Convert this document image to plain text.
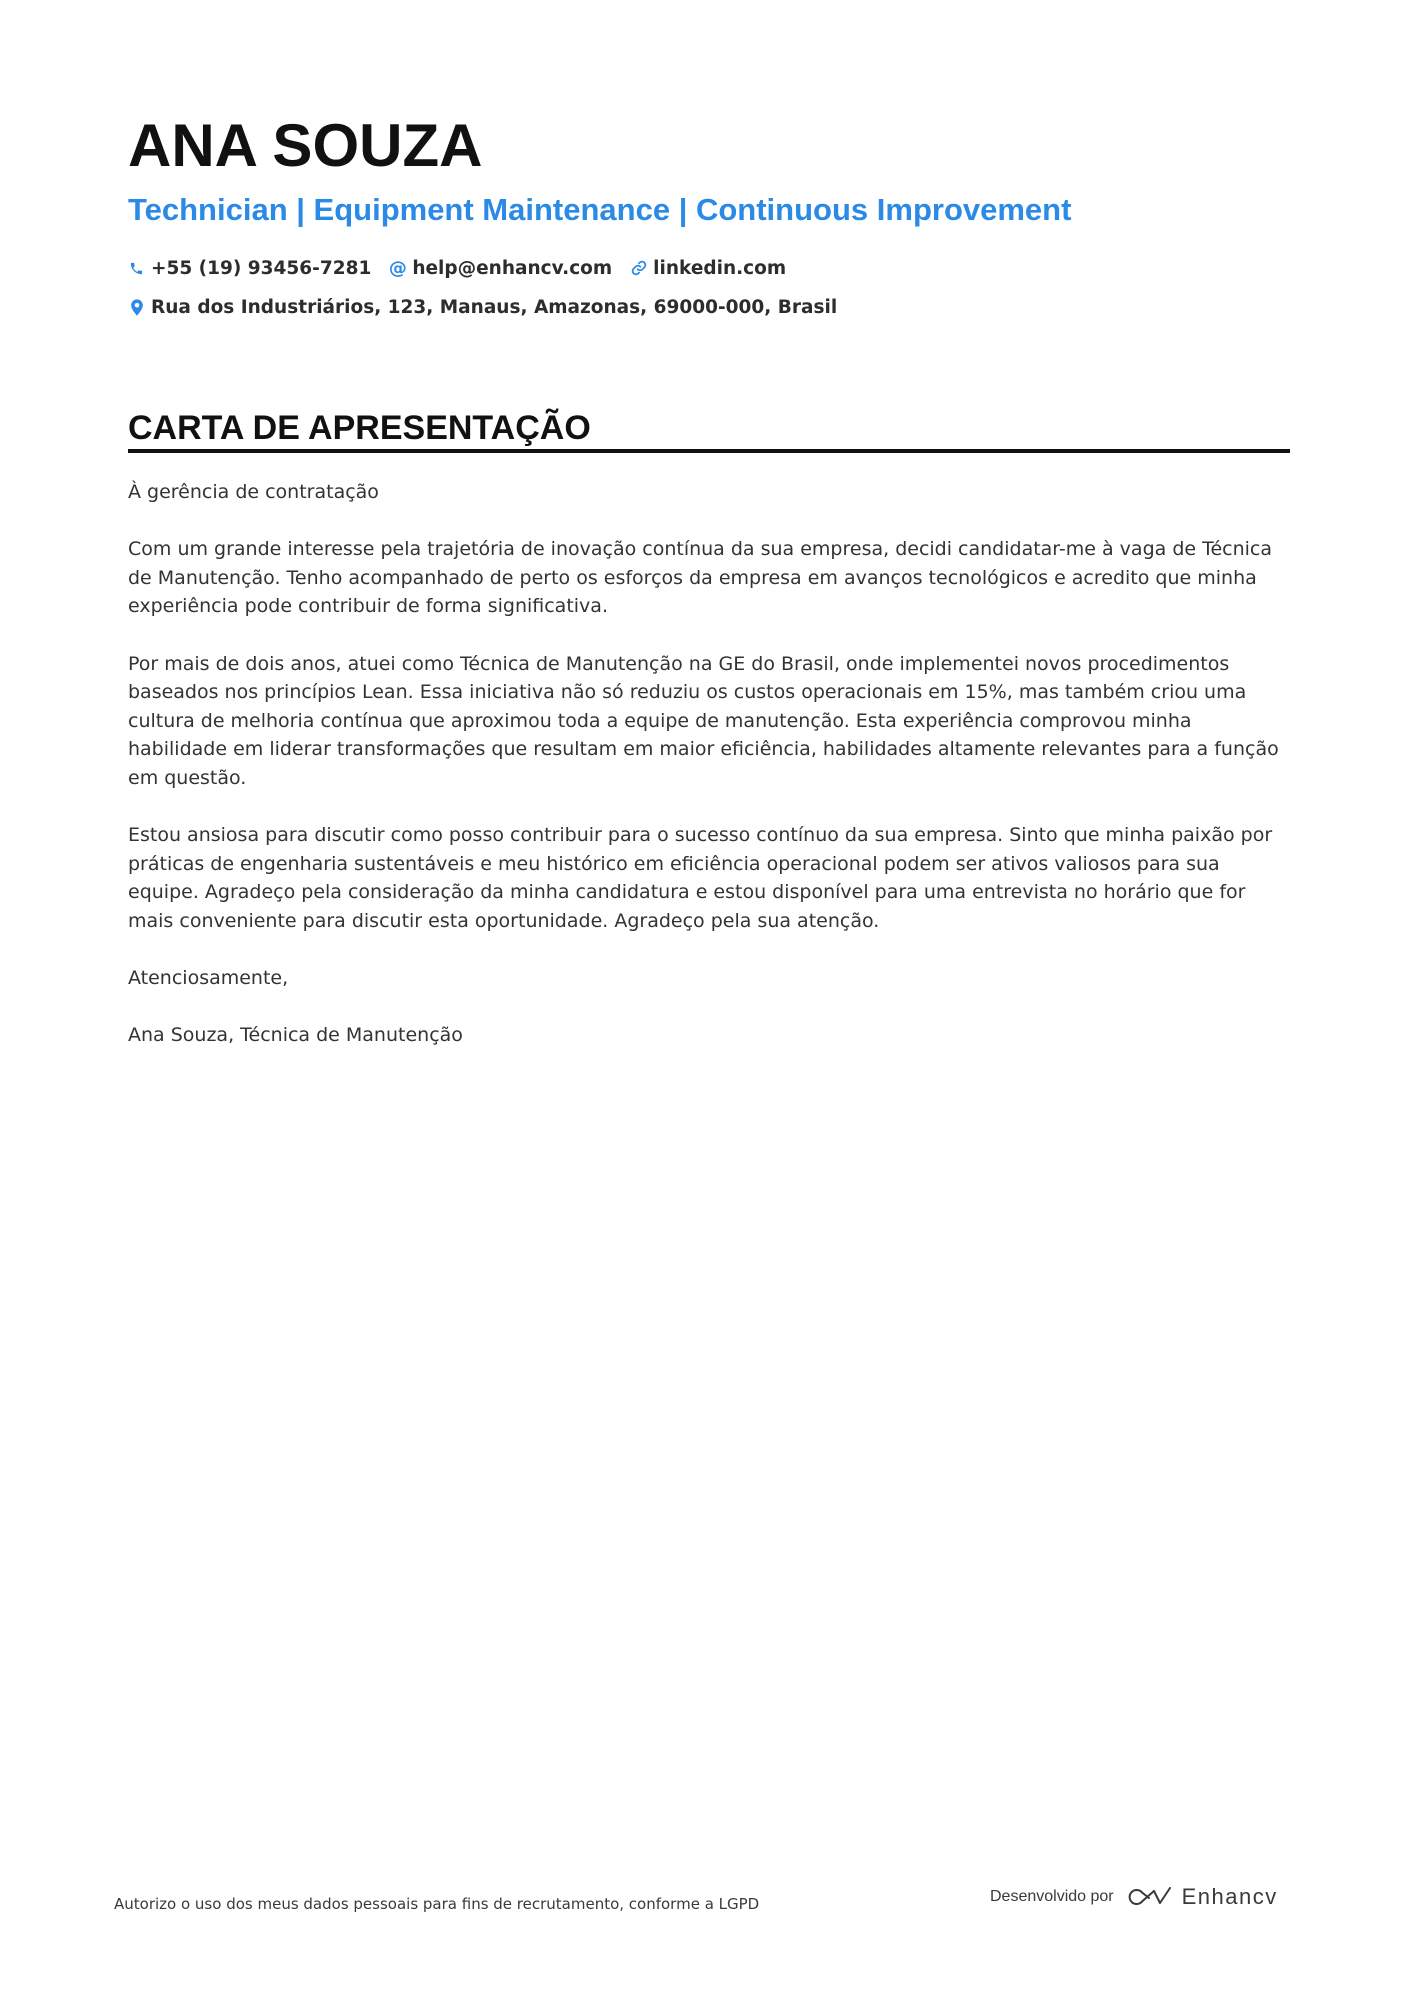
ANA SOUZA
Technician | Equipment Maintenance | Continuous Improvement
+55 (19) 93456-7281 @ help@enhancv.com linkedin.com
Rua dos Industriários, 123, Manaus, Amazonas, 69000-000, Brasil
CARTA DE APRESENTAÇÃO

À gerência de contratação

Com um grande interesse pela trajetória de inovação contínua da sua empresa, decidi candidatar-me à vaga de Técnica de Manutenção. Tenho acompanhado de perto os esforços da empresa em avanços tecnológicos e acredito que minha experiência pode contribuir de forma significativa.

Por mais de dois anos, atuei como Técnica de Manutenção na GE do Brasil, onde implementei novos procedimentos baseados nos princípios Lean. Essa iniciativa não só reduziu os custos operacionais em 15%, mas também criou uma cultura de melhoria contínua que aproximou toda a equipe de manutenção. Esta experiência comprovou minha habilidade em liderar transformações que resultam em maior eficiência, habilidades altamente relevantes para a função em questão.

Estou ansiosa para discutir como posso contribuir para o sucesso contínuo da sua empresa. Sinto que minha paixão por práticas de engenharia sustentáveis e meu histórico em eficiência operacional podem ser ativos valiosos para sua equipe. Agradeço pela consideração da minha candidatura e estou disponível para uma entrevista no horário que for mais conveniente para discutir esta oportunidade. Agradeço pela sua atenção.

Atenciosamente,

Ana Souza, Técnica de Manutenção

Autorizo o uso dos meus dados pessoais para fins de recrutamento, conforme a LGPD	Desenvolvido por	Enhancv
